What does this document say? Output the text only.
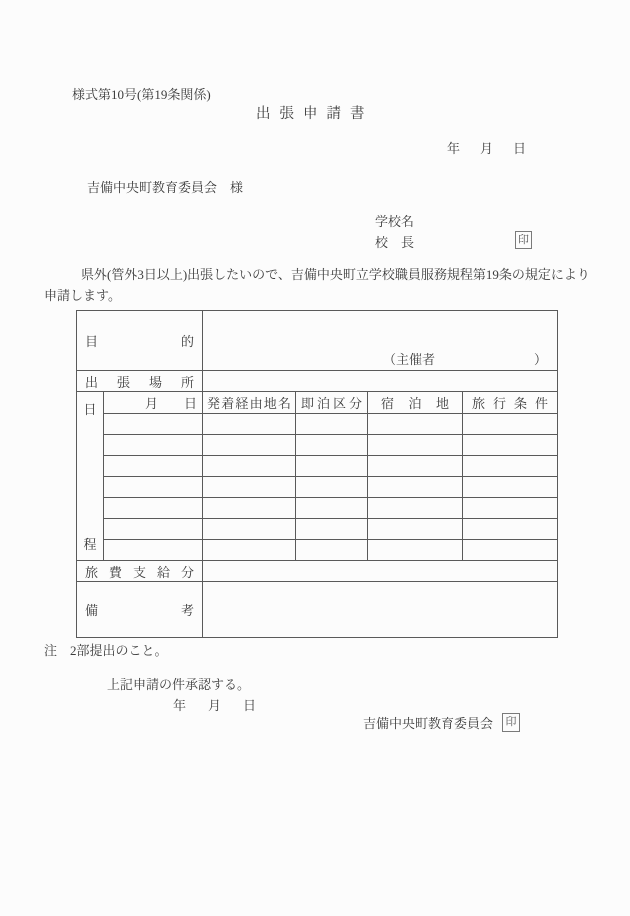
様式第10号(第19条関係)
出張申請書
年月日
吉備中央町教育委員会　様
学校名
校　長	印
県外(管外3日以上)出張したいので、吉備中央町立学校職員服務規程第19条の規定により
申請します。
目 的		（主催者 ）			

出 張 場 所					

日
程
	月　　日	発 着 経 由 地 名	即 泊 区 分	宿 泊 地	旅 行 条 件

旅 費 支 給 分					

備 考					

注　2部提出のこと。
上記申請の件承認する。
年月日
吉備中央町教育委員会 印
